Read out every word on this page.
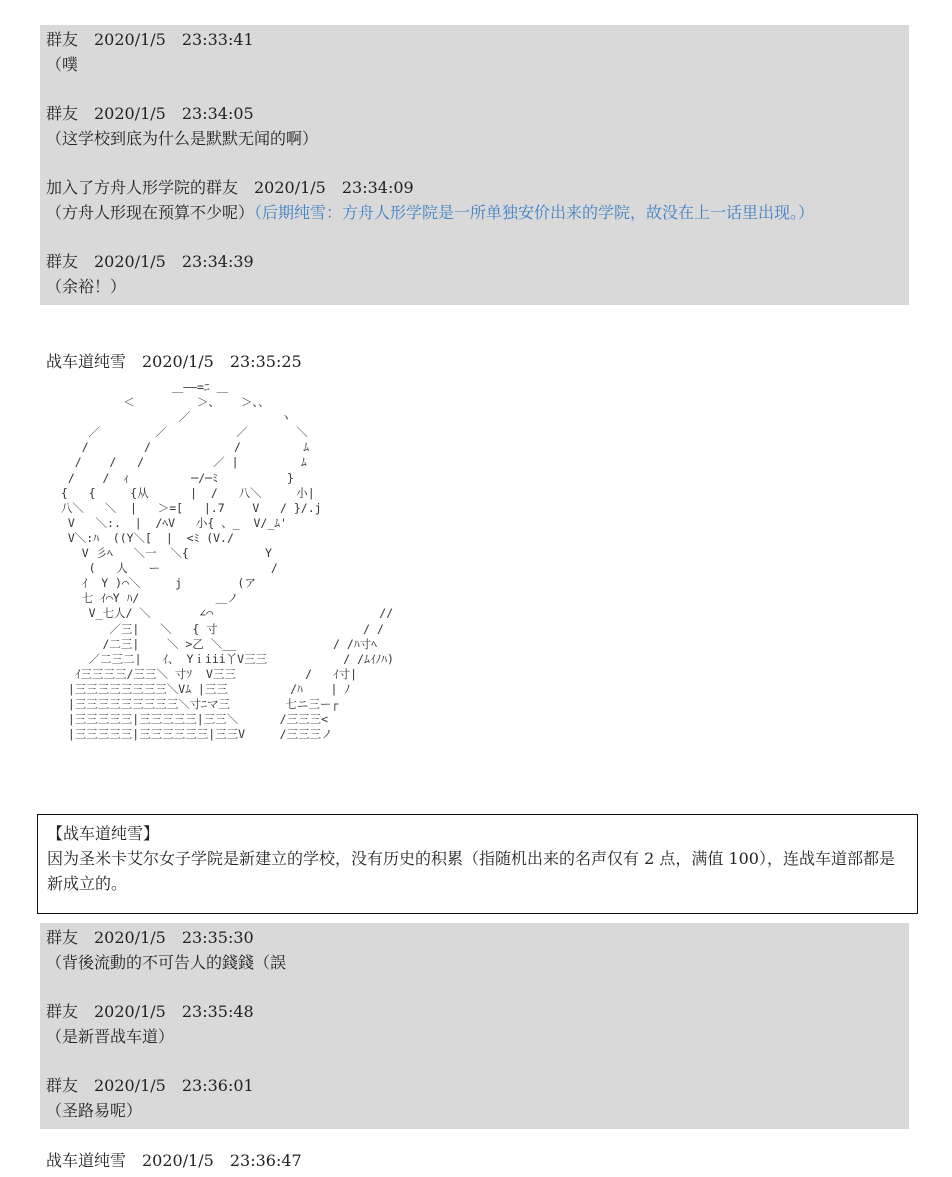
群友　2020/1/5　23:33:41
（噗
群友　2020/1/5　23:34:05
（这学校到底为什么是默默无闻的啊）
加入了方舟人形学院的群友　2020/1/5　23:34:09
（方舟人形现在预算不少呢）（后期纯雪：方舟人形学院是一所单独安价出来的学院，故没在上一话里出现。）
群友　2020/1/5　23:34:39
（余裕！）
战车道纯雪　2020/1/5　23:35:25
＿——=ﾆ ＿
＜         ＞、   ＞、、
／             ヽ
／        ／          ／       ＼
/        /            /         ﾑ
/    /   /          ／ |         ﾑ
/    /  ｨ         ─/─ﾐ          }
{   {     {从      |  /   八＼     小|
八＼   ＼  |   ＞=[   |.7    V   / }/.j
V   ＼:.  |  /ﾍV   小{ 、_  V/_ﾑ'
V＼:ﾊ  ((Y＼[  |  <ﾐ (V./
V 彡ﾍ   ＼一  ＼{           Y
(   人   ー                /
ｲ  Y )⌒＼     j        (ア
七 ｲ⌒Y ﾊ/           ＿ノ
V_七人/ ＼       ∠⌒                        //
／三|   ＼   { 寸                     / /
/二三|    ＼ >乙 ＼__              / /ﾊ寸ﾍ
／二三二|   ｲ、 Yｉiii丫V三三           / /ﾑｲﾉﾊ)
ｲ三三三三/三三＼ 寸ｿ  V三三          /   ｲ寸|
|三三三三三三三三＼Vﾑ |三三         /ﾊ    | ﾉ
|三三三三三三三三三＼寸ﾆマ三        七ニ三ー┌
|三三三三三|三三三三三|三三＼      /三三三<
|三三三三三|三三三三三三|三三V     /三三三ノ
【战车道纯雪】
因为圣米卡艾尔女子学院是新建立的学校，没有历史的积累（指随机出来的名声仅有 2 点，满值 100），连战车道部都是新成立的。
群友　2020/1/5　23:35:30
（背後流動的不可告人的錢錢（誤
群友　2020/1/5　23:35:48
（是新晋战车道）
群友　2020/1/5　23:36:01
（圣路易呢）
战车道纯雪　2020/1/5　23:36:47
